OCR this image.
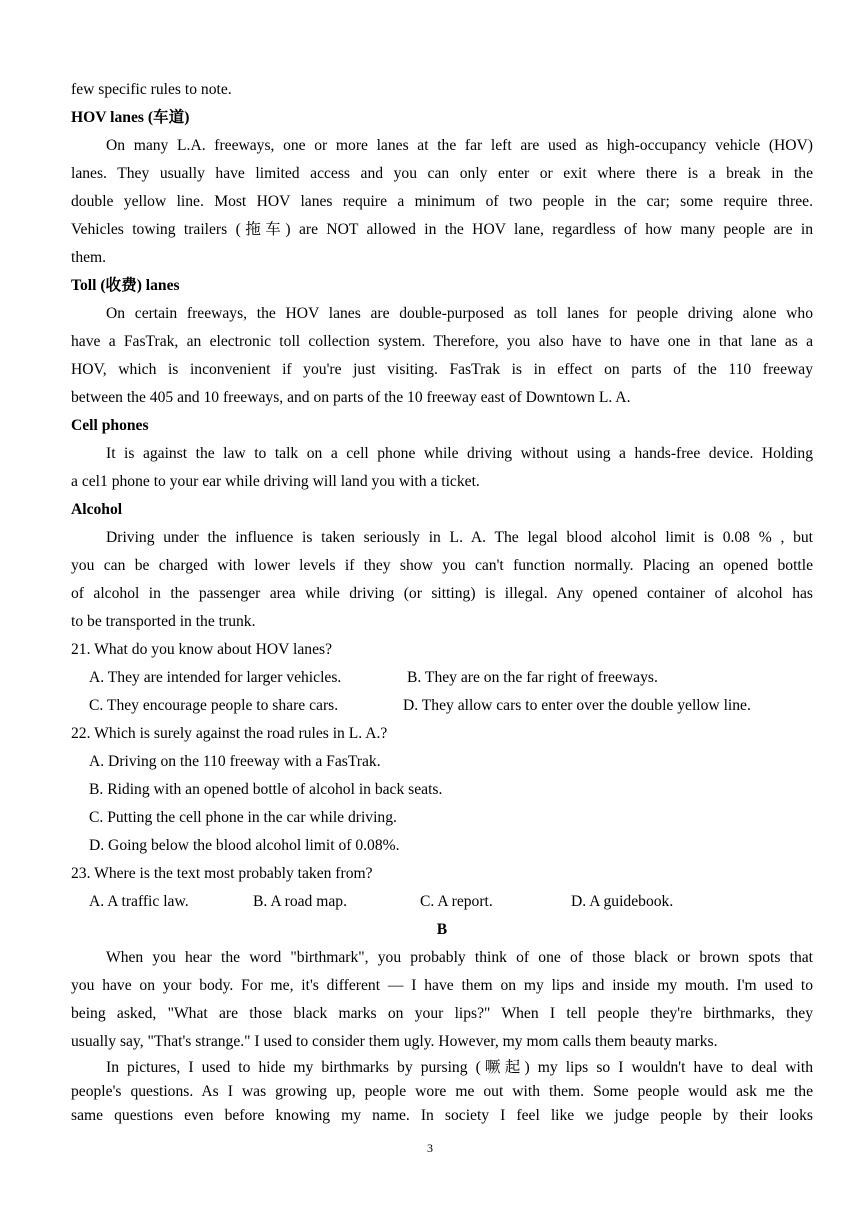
few specific rules to note.
HOV lanes (车道)
On many L.A. freeways, one or more lanes at the far left are used as high-occupancy vehicle (HOV)
lanes. They usually have limited access and you can only enter or exit where there is a break in the
double yellow line. Most HOV lanes require a minimum of two people in the car; some require three.
Vehicles towing trailers (拖车) are NOT allowed in the HOV lane, regardless of how many people are in
them.
Toll (收费) lanes
On certain freeways, the HOV lanes are double-purposed as toll lanes for people driving alone who
have a FasTrak, an electronic toll collection system. Therefore, you also have to have one in that lane as a
HOV, which is inconvenient if you're just visiting. FasTrak is in effect on parts of the 110 freeway
between the 405 and 10 freeways, and on parts of the 10 freeway east of Downtown L. A.
Cell phones
It is against the law to talk on a cell phone while driving without using a hands-free device. Holding
a cel1 phone to your ear while driving will land you with a ticket.
Alcohol
Driving under the influence is taken seriously in L. A. The legal blood alcohol limit is 0.08 % , but
you can be charged with lower levels if they show you can't function normally. Placing an opened bottle
of alcohol in the passenger area while driving (or sitting) is illegal. Any opened container of alcohol has
to be transported in the trunk.
21. What do you know about HOV lanes?
A. They are intended for larger vehicles.	B. They are on the far right of freeways.
C. They encourage people to share cars.	D. They allow cars to enter over the double yellow line.
22. Which is surely against the road rules in L. A.?
A. Driving on the 110 freeway with a FasTrak.
B. Riding with an opened bottle of alcohol in back seats.
C. Putting the cell phone in the car while driving.
D. Going below the blood alcohol limit of 0.08%.
23. Where is the text most probably taken from?
A. A traffic law.	B. A road map.	C. A report.	D. A guidebook.
B
When you hear the word "birthmark", you probably think of one of those black or brown spots that
you have on your body. For me, it's different — I have them on my lips and inside my mouth. I'm used to
being asked, "What are those black marks on your lips?" When I tell people they're birthmarks, they
usually say, "That's strange." I used to consider them ugly. However, my mom calls them beauty marks.
In pictures, I used to hide my birthmarks by pursing (噘起) my lips so I wouldn't have to deal with
people's questions. As I was growing up, people wore me out with them. Some people would ask me the
same questions even before knowing my name. In society I feel like we judge people by their looks
3
